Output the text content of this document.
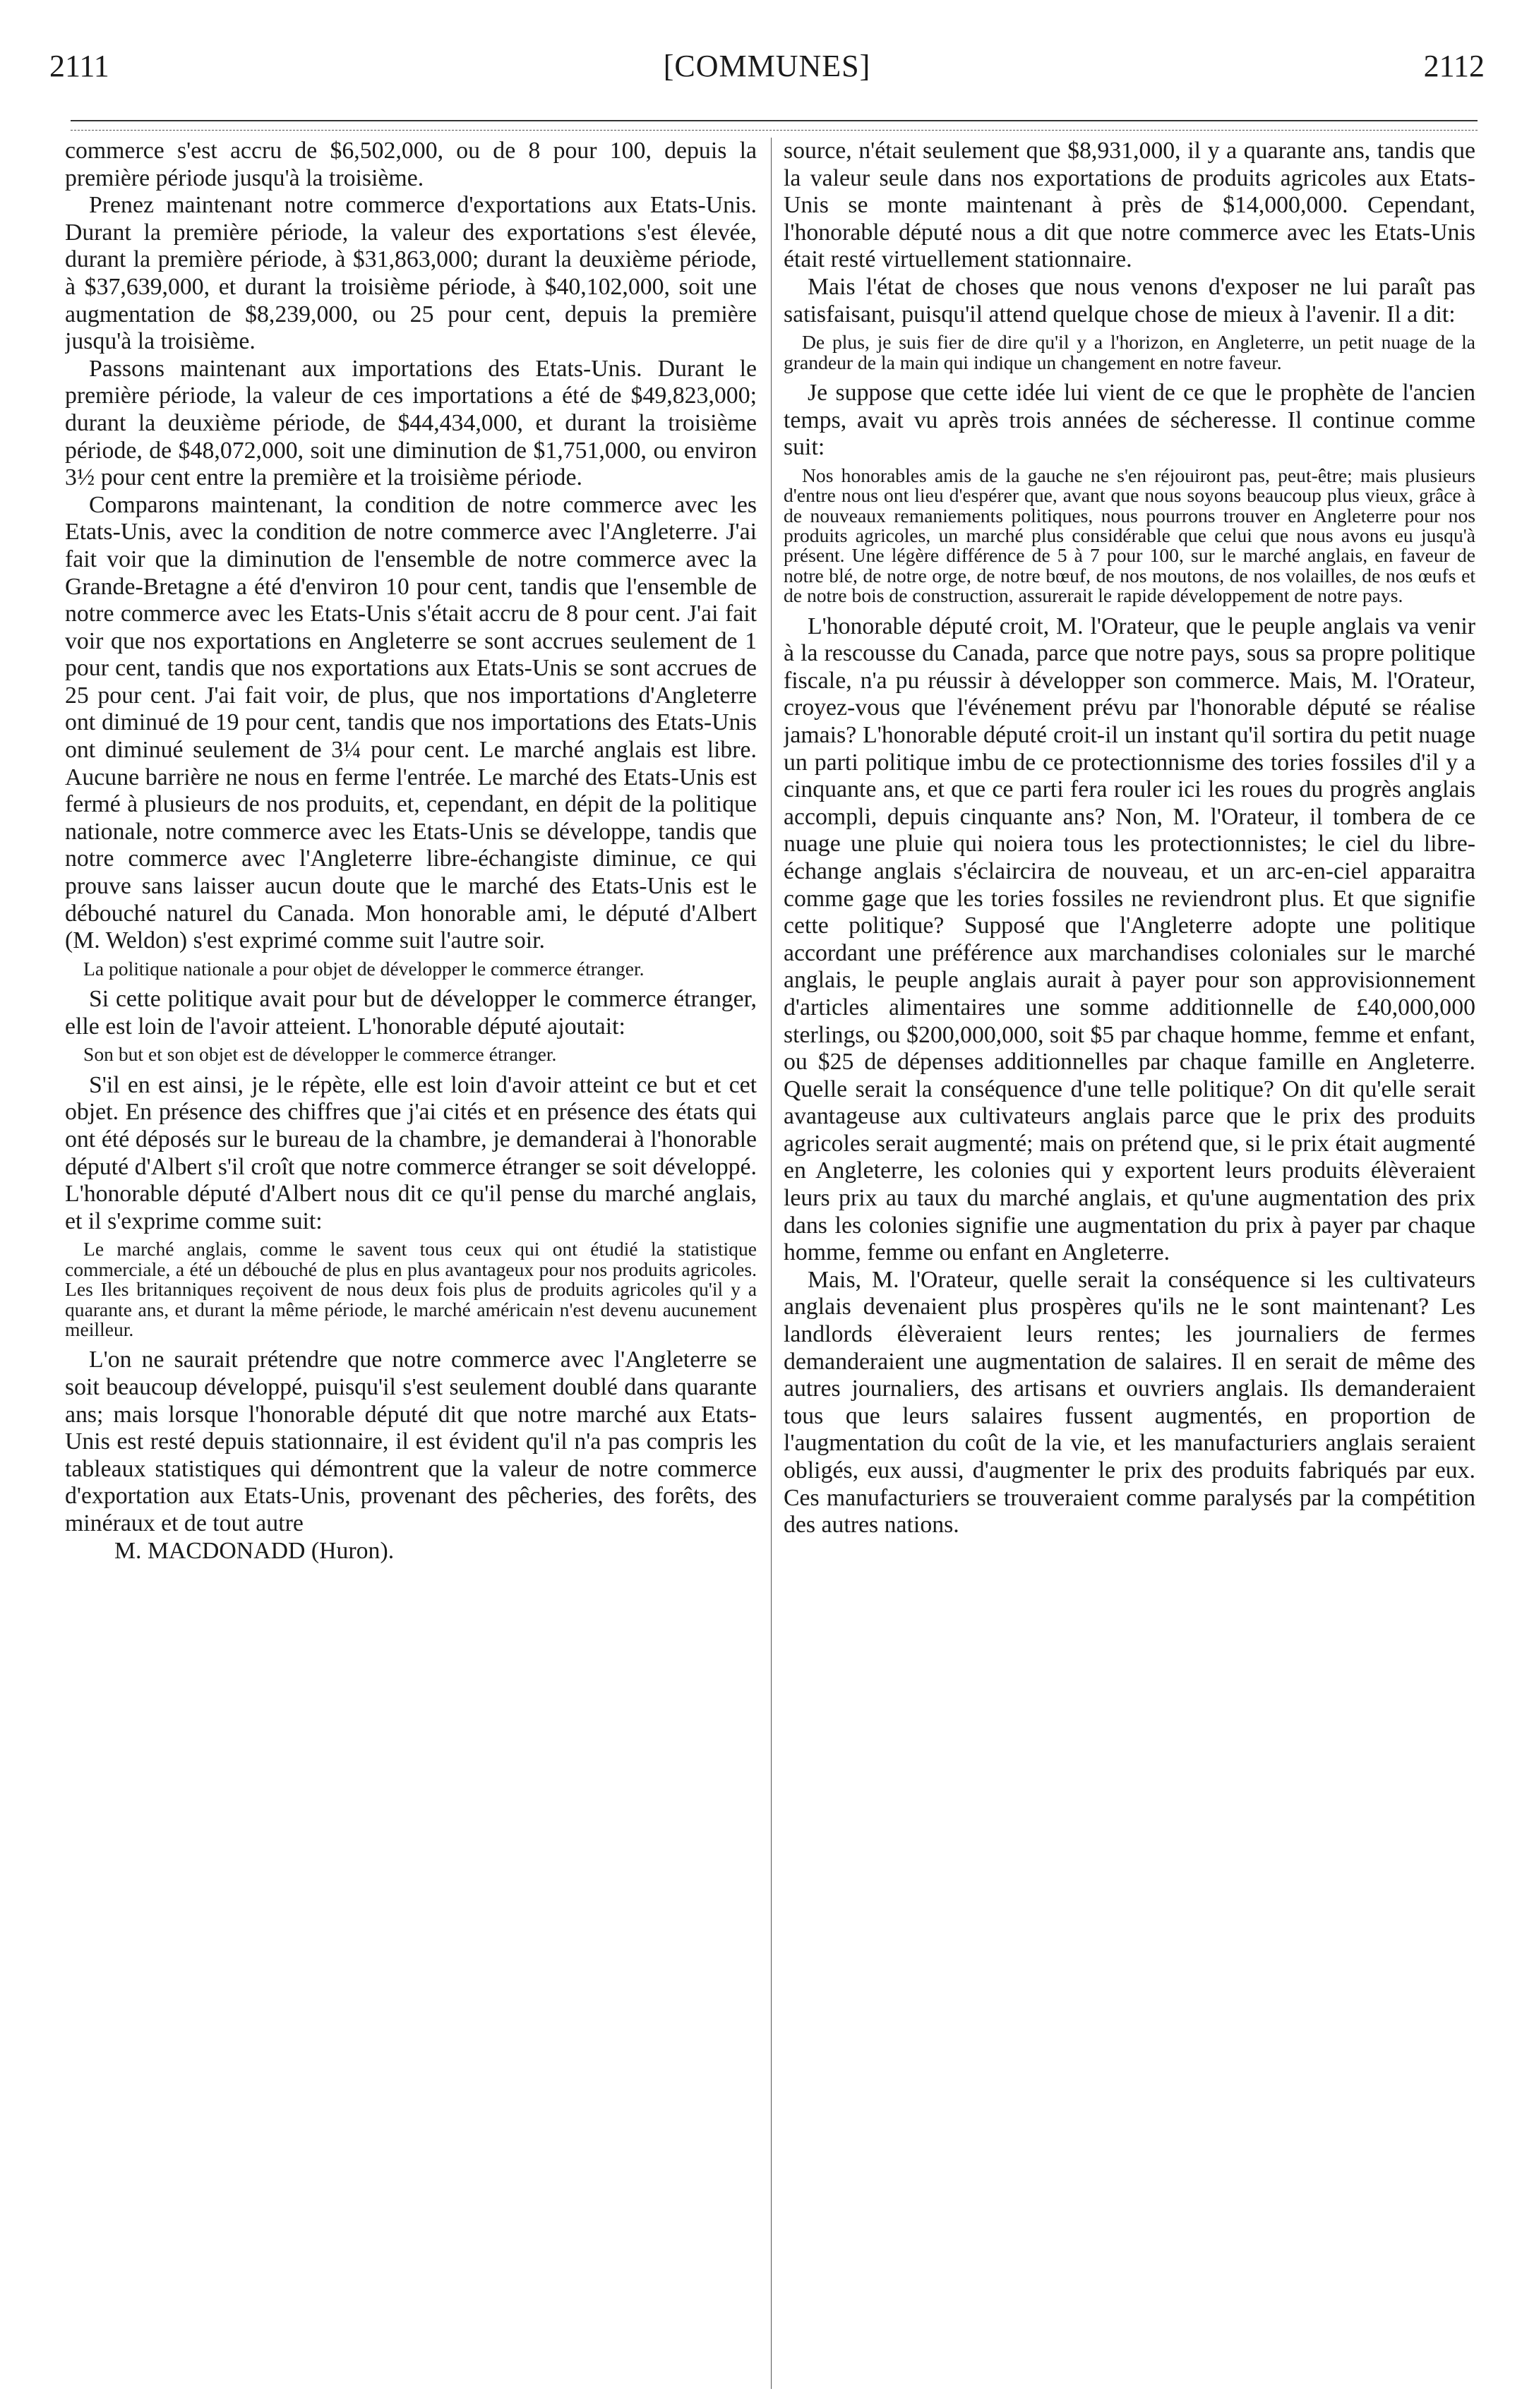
2111	[COMMUNES]	2112

commerce s'est accru de $6,502,000, ou de 8 pour 100, depuis la première période jusqu'à la troisième.

Prenez maintenant notre commerce d'exportations aux Etats-Unis. Durant la première période, la valeur des exportations s'est élevée, durant la première période, à $31,863,000; durant la deuxième période, à $37,639,000, et durant la troisième période, à $40,102,000, soit une augmentation de $8,239,000, ou 25 pour cent, depuis la première jusqu'à la troisième.

Passons maintenant aux importations des Etats-Unis. Durant le première période, la valeur de ces importations a été de $49,823,000; durant la deuxième période, de $44,434,000, et durant la troisième période, de $48,072,000, soit une diminution de $1,751,000, ou environ 3½ pour cent entre la première et la troisième période.

Comparons maintenant, la condition de notre commerce avec les Etats-Unis, avec la condition de notre commerce avec l'Angleterre. J'ai fait voir que la diminution de l'ensemble de notre commerce avec la Grande-Bretagne a été d'environ 10 pour cent, tandis que l'ensemble de notre commerce avec les Etats-Unis s'était accru de 8 pour cent. J'ai fait voir que nos exportations en Angleterre se sont accrues seulement de 1 pour cent, tandis que nos exportations aux Etats-Unis se sont accrues de 25 pour cent. J'ai fait voir, de plus, que nos importations d'Angleterre ont diminué de 19 pour cent, tandis que nos importations des Etats-Unis ont diminué seulement de 3¼ pour cent. Le marché anglais est libre. Aucune barrière ne nous en ferme l'entrée. Le marché des Etats-Unis est fermé à plusieurs de nos produits, et, cependant, en dépit de la politique nationale, notre commerce avec les Etats-Unis se développe, tandis que notre commerce avec l'Angleterre libre-échangiste diminue, ce qui prouve sans laisser aucun doute que le marché des Etats-Unis est le débouché naturel du Canada. Mon honorable ami, le député d'Albert (M. Weldon) s'est exprimé comme suit l'autre soir.

La politique nationale a pour objet de développer le commerce étranger.

Si cette politique avait pour but de développer le commerce étranger, elle est loin de l'avoir atteient. L'honorable député ajoutait:

Son but et son objet est de développer le commerce étranger.

S'il en est ainsi, je le répète, elle est loin d'avoir atteint ce but et cet objet. En présence des chiffres que j'ai cités et en présence des états qui ont été déposés sur le bureau de la chambre, je demanderai à l'honorable député d'Albert s'il croît que notre commerce étranger se soit développé. L'honorable député d'Albert nous dit ce qu'il pense du marché anglais, et il s'exprime comme suit:

Le marché anglais, comme le savent tous ceux qui ont étudié la statistique commerciale, a été un débouché de plus en plus avantageux pour nos produits agricoles. Les Iles britanniques reçoivent de nous deux fois plus de produits agricoles qu'il y a quarante ans, et durant la même période, le marché américain n'est devenu aucunement meilleur.

L'on ne saurait prétendre que notre commerce avec l'Angleterre se soit beaucoup développé, puisqu'il s'est seulement doublé dans quarante ans; mais lorsque l'honorable député dit que notre marché aux Etats-Unis est resté depuis stationnaire, il est évident qu'il n'a pas compris les tableaux statistiques qui démontrent que la valeur de notre commerce d'exportation aux Etats-Unis, provenant des pêcheries, des forêts, des minéraux et de tout autre

M. MACDONADD (Huron).

source, n'était seulement que $8,931,000, il y a quarante ans, tandis que la valeur seule dans nos exportations de produits agricoles aux Etats-Unis se monte maintenant à près de $14,000,000. Cependant, l'honorable député nous a dit que notre commerce avec les Etats-Unis était resté virtuellement stationnaire.

Mais l'état de choses que nous venons d'exposer ne lui paraît pas satisfaisant, puisqu'il attend quelque chose de mieux à l'avenir. Il a dit:

De plus, je suis fier de dire qu'il y a l'horizon, en Angleterre, un petit nuage de la grandeur de la main qui indique un changement en notre faveur.

Je suppose que cette idée lui vient de ce que le prophète de l'ancien temps, avait vu après trois années de sécheresse. Il continue comme suit:

Nos honorables amis de la gauche ne s'en réjouiront pas, peut-être; mais plusieurs d'entre nous ont lieu d'espérer que, avant que nous soyons beaucoup plus vieux, grâce à de nouveaux remaniements politiques, nous pourrons trouver en Angleterre pour nos produits agricoles, un marché plus considérable que celui que nous avons eu jusqu'à présent. Une légère différence de 5 à 7 pour 100, sur le marché anglais, en faveur de notre blé, de notre orge, de notre bœuf, de nos moutons, de nos volailles, de nos œufs et de notre bois de construction, assurerait le rapide développement de notre pays.

L'honorable député croit, M. l'Orateur, que le peuple anglais va venir à la rescousse du Canada, parce que notre pays, sous sa propre politique fiscale, n'a pu réussir à développer son commerce. Mais, M. l'Orateur, croyez-vous que l'événement prévu par l'honorable député se réalise jamais? L'honorable député croit-il un instant qu'il sortira du petit nuage un parti politique imbu de ce protectionnisme des tories fossiles d'il y a cinquante ans, et que ce parti fera rouler ici les roues du progrès anglais accompli, depuis cinquante ans? Non, M. l'Orateur, il tombera de ce nuage une pluie qui noiera tous les protectionnistes; le ciel du libre-échange anglais s'éclaircira de nouveau, et un arc-en-ciel apparaitra comme gage que les tories fossiles ne reviendront plus. Et que signifie cette politique? Supposé que l'Angleterre adopte une politique accordant une préférence aux marchandises coloniales sur le marché anglais, le peuple anglais aurait à payer pour son approvisionnement d'articles alimentaires une somme additionnelle de £40,000,000 sterlings, ou $200,000,000, soit $5 par chaque homme, femme et enfant, ou $25 de dépenses additionnelles par chaque famille en Angleterre. Quelle serait la conséquence d'une telle politique? On dit qu'elle serait avantageuse aux cultivateurs anglais parce que le prix des produits agricoles serait augmenté; mais on prétend que, si le prix était augmenté en Angleterre, les colonies qui y exportent leurs produits élèveraient leurs prix au taux du marché anglais, et qu'une augmentation des prix dans les colonies signifie une augmentation du prix à payer par chaque homme, femme ou enfant en Angleterre.

Mais, M. l'Orateur, quelle serait la conséquence si les cultivateurs anglais devenaient plus prospères qu'ils ne le sont maintenant? Les landlords élèveraient leurs rentes; les journaliers de fermes demanderaient une augmentation de salaires. Il en serait de même des autres journaliers, des artisans et ouvriers anglais. Ils demanderaient tous que leurs salaires fussent augmentés, en proportion de l'augmentation du coût de la vie, et les manufacturiers anglais seraient obligés, eux aussi, d'augmenter le prix des produits fabriqués par eux. Ces manufacturiers se trouveraient comme paralysés par la compétition des autres nations.
